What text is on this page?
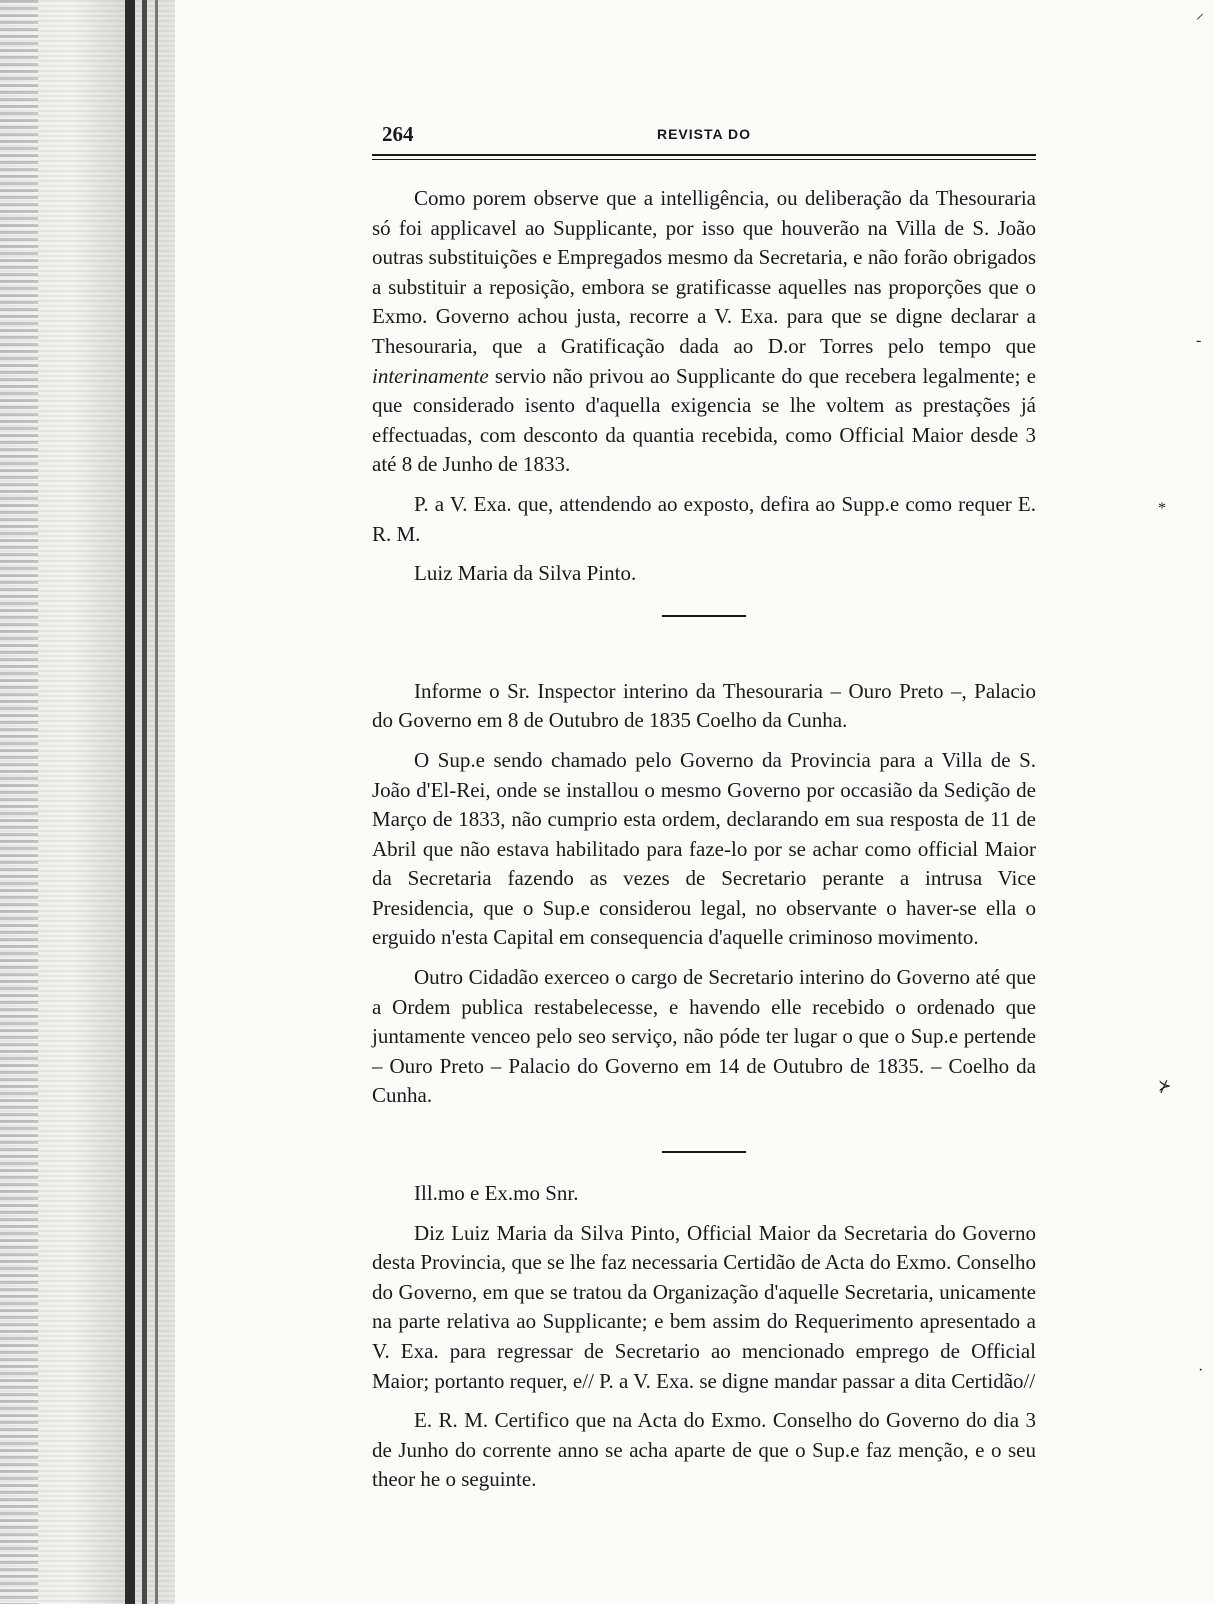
⸍
-
*
⊁
·
264	REVISTA DO

Como porem observe que a intelligência, ou deliberação da Thesouraria só foi applicavel ao Supplicante, por isso que houverão na Villa de S. João outras substituições e Empregados mesmo da Secretaria, e não forão obrigados a substituir a reposição, embora se gratificasse aquelles nas proporções que o Exmo. Governo achou justa, recorre a V. Exa. para que se digne declarar a Thesouraria, que a Gratificação dada ao D.or Torres pelo tempo que interinamente servio não privou ao Supplicante do que recebera legalmente; e que considerado isento d'aquella exigencia se lhe voltem as prestações já effectuadas, com desconto da quantia recebida, como Official Maior desde 3 até 8 de Junho de 1833.

P. a V. Exa. que, attendendo ao exposto, defira ao Supp.e como requer E. R. M.

Luiz Maria da Silva Pinto.

Informe o Sr. Inspector interino da Thesouraria – Ouro Preto –, Palacio do Governo em 8 de Outubro de 1835 Coelho da Cunha.

O Sup.e sendo chamado pelo Governo da Provincia para a Villa de S. João d'El-Rei, onde se installou o mesmo Governo por occasião da Sedição de Março de 1833, não cumprio esta ordem, declarando em sua resposta de 11 de Abril que não estava habilitado para faze-lo por se achar como official Maior da Secretaria fazendo as vezes de Secretario perante a intrusa Vice Presidencia, que o Sup.e considerou legal, no observante o haver-se ella o erguido n'esta Capital em consequencia d'aquelle criminoso movimento.

Outro Cidadão exerceo o cargo de Secretario interino do Governo até que a Ordem publica restabelecesse, e havendo elle recebido o ordenado que juntamente venceo pelo seo serviço, não póde ter lugar o que o Sup.e pertende – Ouro Preto – Palacio do Governo em 14 de Outubro de 1835. – Coelho da Cunha.

Ill.mo e Ex.mo Snr.

Diz Luiz Maria da Silva Pinto, Official Maior da Secretaria do Governo desta Provincia, que se lhe faz necessaria Certidão de Acta do Exmo. Conselho do Governo, em que se tratou da Organização d'aquelle Secretaria, unicamente na parte relativa ao Supplicante; e bem assim do Requerimento apresentado a V. Exa. para regressar de Secretario ao mencionado emprego de Official Maior; portanto requer, e// P. a V. Exa. se digne mandar passar a dita Certidão//

E. R. M. Certifico que na Acta do Exmo. Conselho do Governo do dia 3 de Junho do corrente anno se acha aparte de que o Sup.e faz menção, e o seu theor he o seguinte.
